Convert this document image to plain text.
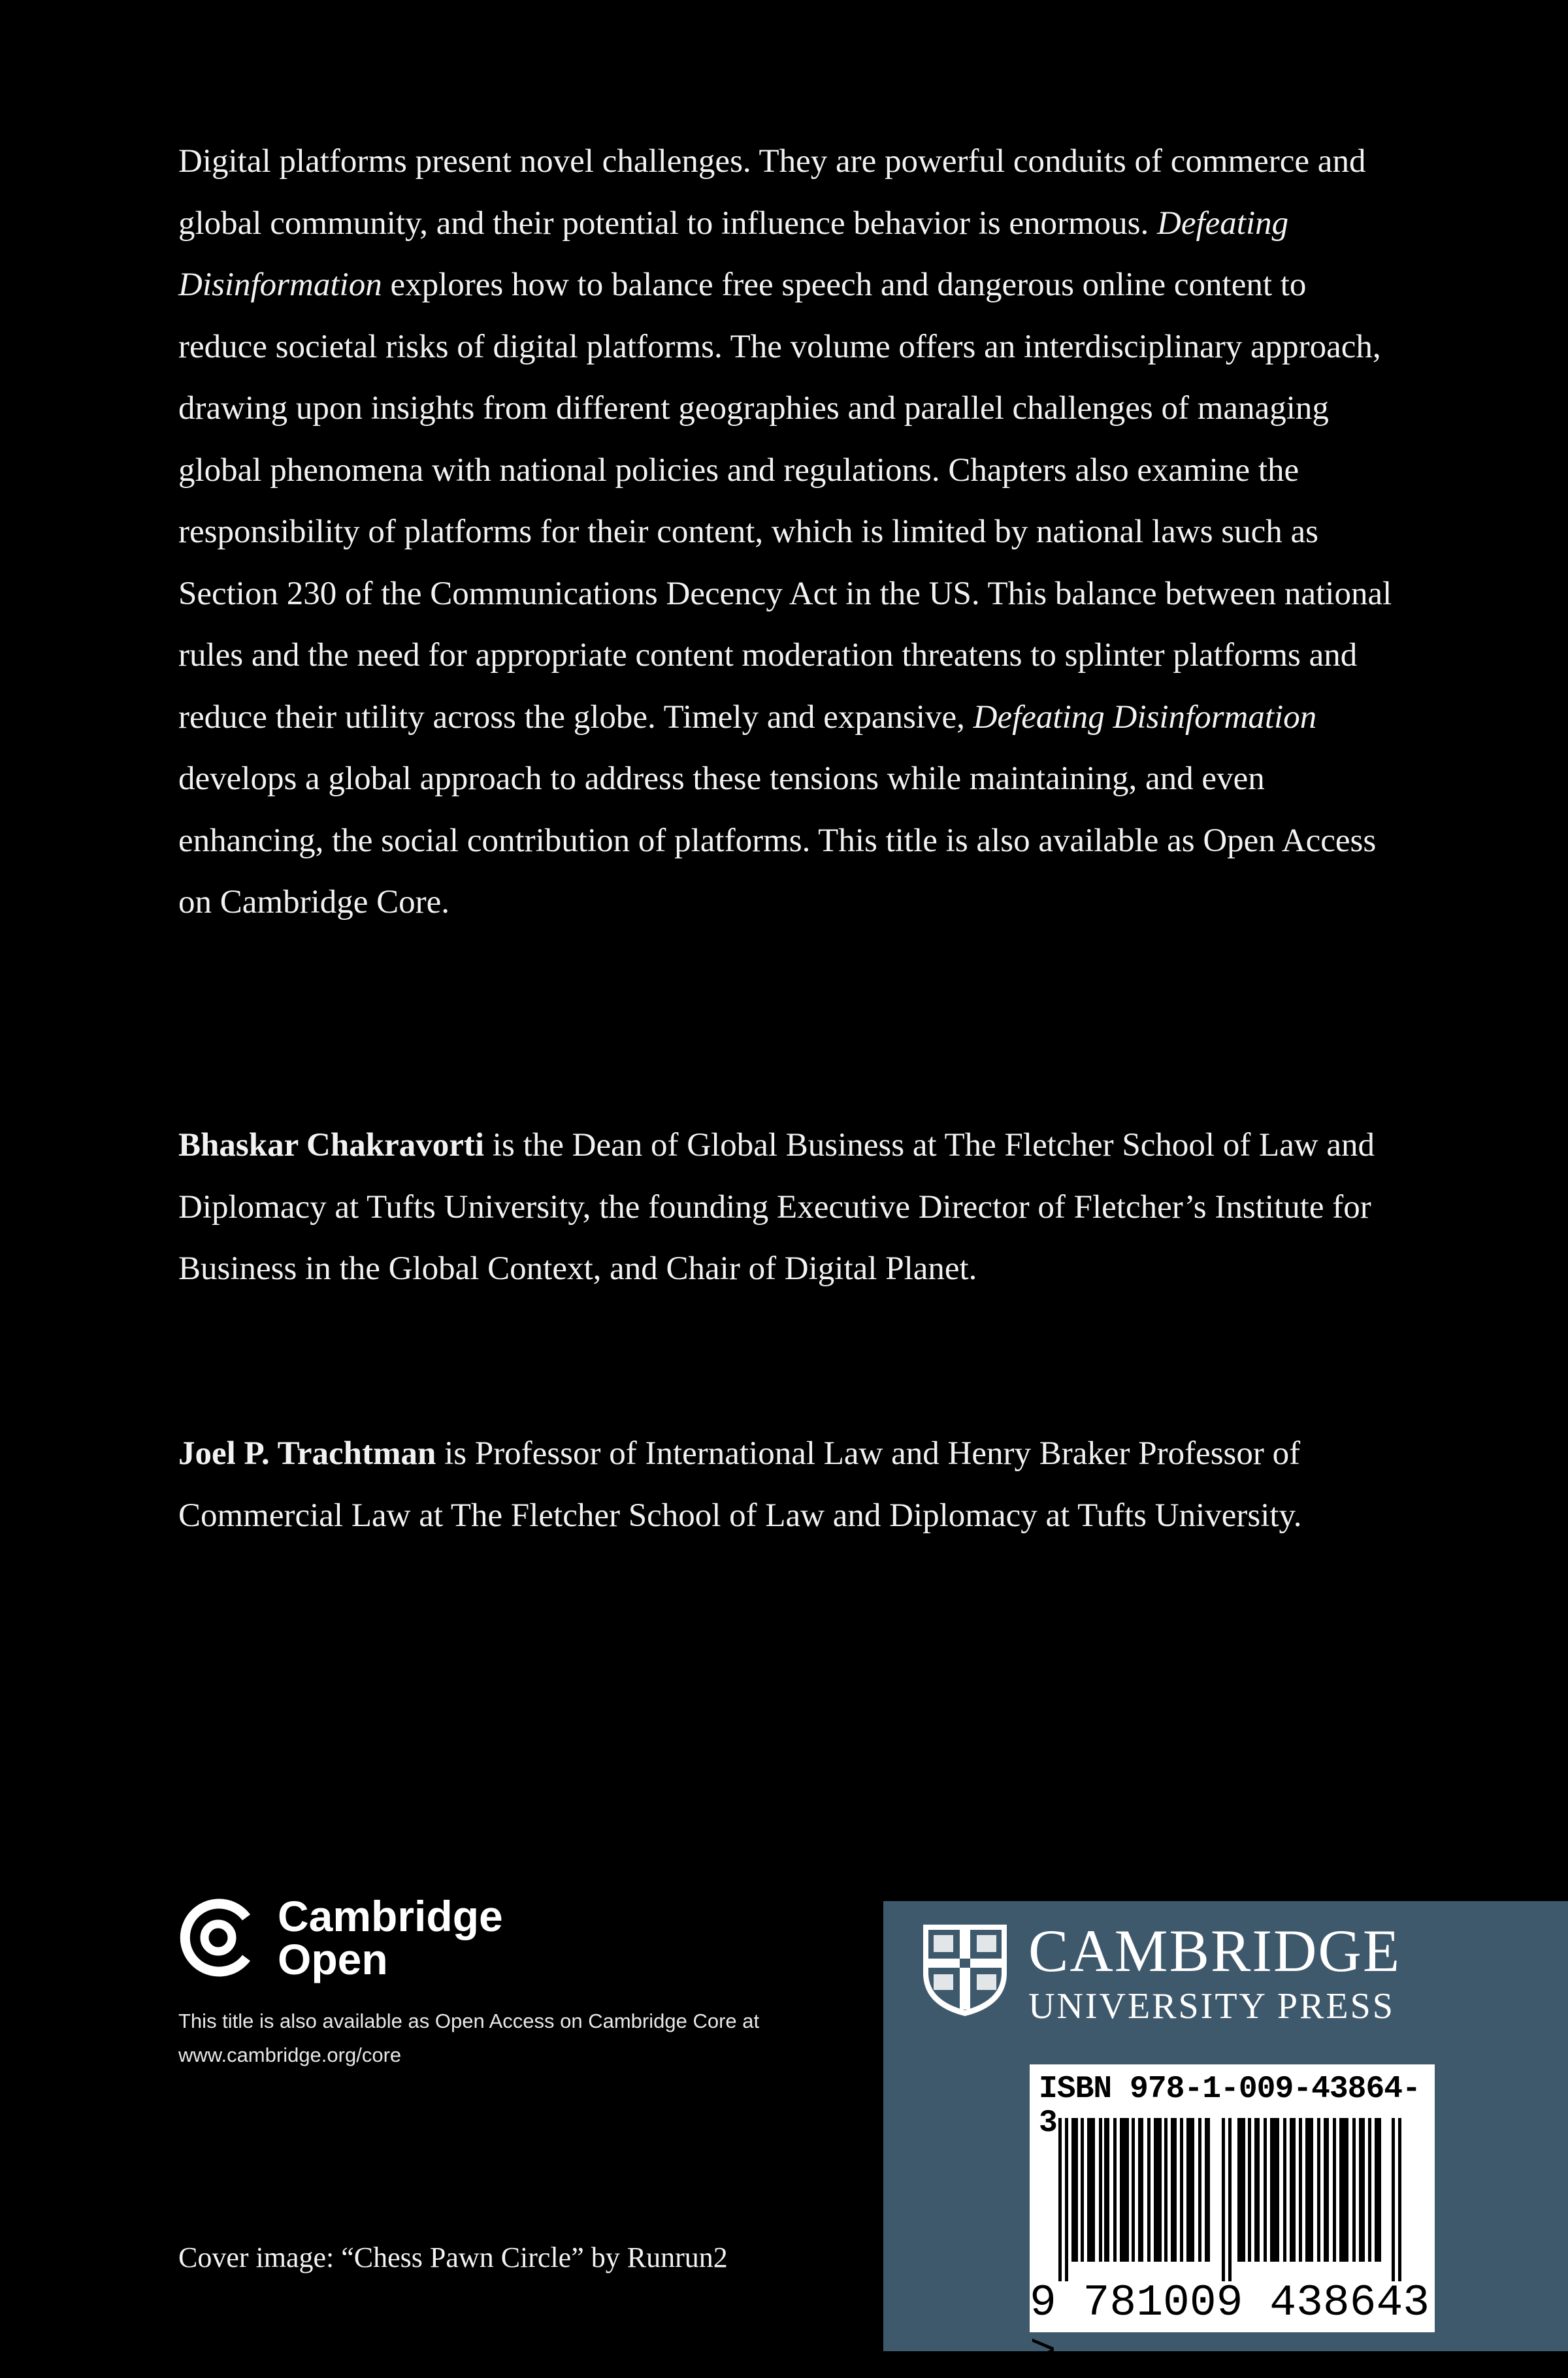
Digital platforms present novel challenges. They are powerful conduits of commerce and global community, and their potential to influence behavior is enormous. Defeating Disinformation explores how to balance free speech and dangerous online content to reduce societal risks of digital platforms. The volume offers an interdisciplinary approach, drawing upon insights from different geographies and parallel challenges of managing global phenomena with national policies and regulations. Chapters also examine the responsibility of platforms for their content, which is limited by national laws such as Section 230 of the Communications Decency Act in the US. This balance between national rules and the need for appropriate content moderation threatens to splinter platforms and reduce their utility across the globe. Timely and expansive, Defeating Disinformation develops a global approach to address these tensions while maintaining, and even enhancing, the social contribution of platforms. This title is also available as Open Access on Cambridge Core.

Bhaskar Chakravorti is the Dean of Global Business at The Fletcher School of Law and Diplomacy at Tufts University, the founding Executive Director of Fletcher’s Institute for Business in the Global Context, and Chair of Digital Planet.

Joel P. Trachtman is Professor of International Law and Henry Braker Professor of Commercial Law at The Fletcher School of Law and Diplomacy at Tufts University.

Cambridge
Open

This title is also available as Open Access on Cambridge Core at www.cambridge.org/core

Cover image: “Chess Pawn Circle” by Runrun2

CAMBRIDGE
UNIVERSITY PRESS
ISBN 978-1-009-43864-3
9 781009 438643 >
